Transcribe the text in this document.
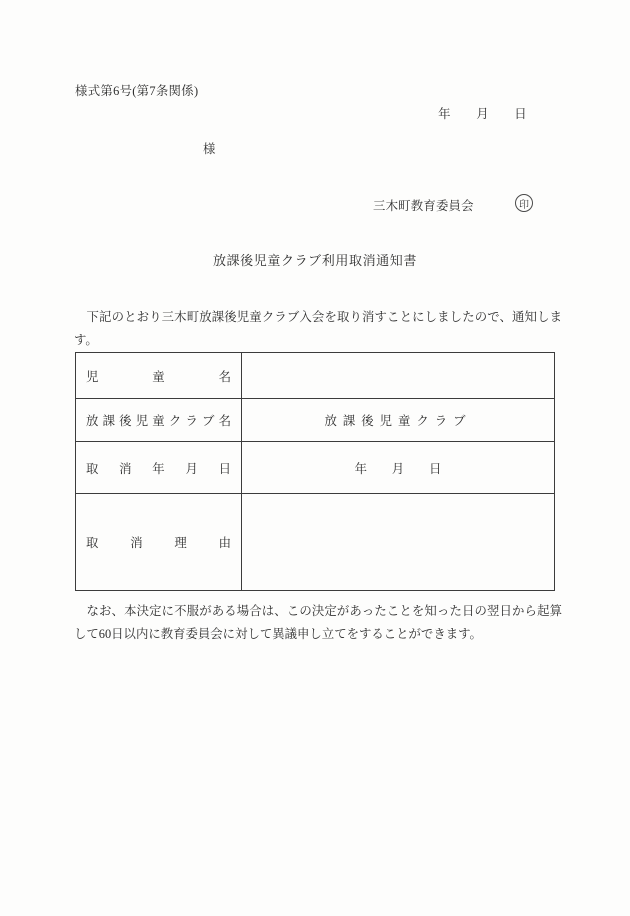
様式第6号(第7条関係)
年　　月　　日
様
三木町教育委員会	印
放課後児童クラブ利用取消通知書
　下記のとおり三木町放課後児童クラブ入会を取り消すことにしましたので、通知します。
児童名
放課後児童クラブ名	放課後児童クラブ
取消年月日	年　　月　　日
取消理由
　なお、本決定に不服がある場合は、この決定があったことを知った日の翌日から起算して60日以内に教育委員会に対して異議申し立てをすることができます。
